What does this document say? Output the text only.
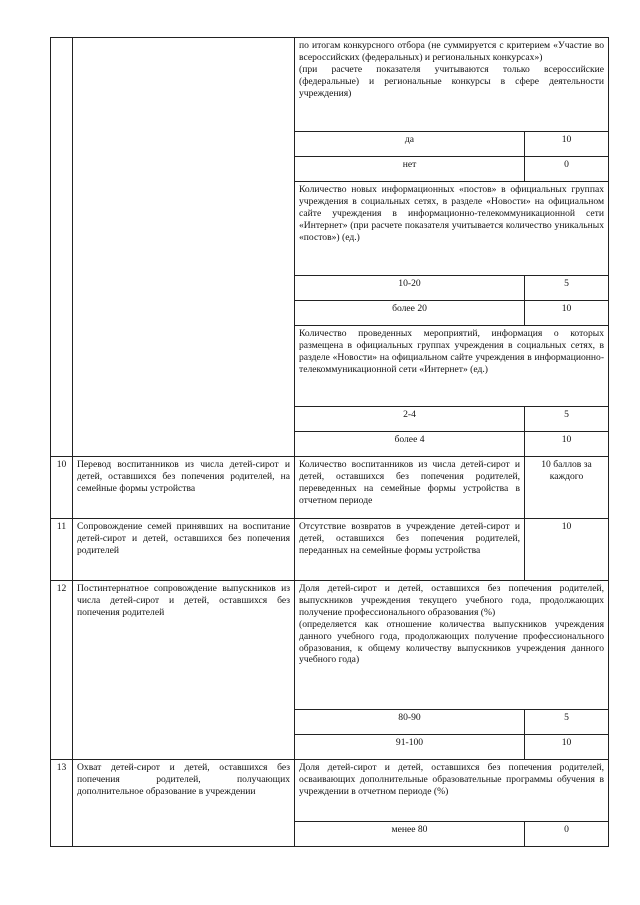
		по итогам конкурсного отбора (не суммируется с критерием «Участие во всероссийских (федеральных) и региональных конкурсах»)
(при расчете показателя учитываются только всероссийские (федеральные) и региональные конкурсы в сфере деятельности учреждения)	

		да	10
		нет	0
		Количество новых информационных «постов» в официальных группах учреждения в социальных сетях, в разделе «Новости» на официальном сайте учреждения в информационно-телекоммуникационной сети «Интернет» (при расчете показателя учитывается количество уникальных «постов») (ед.)	
		10-20	5
		более 20	10
		Количество проведенных мероприятий, информация о которых размещена в официальных группах учреждения в социальных сетях, в разделе «Новости» на официальном сайте учреждения в информационно-телекоммуникационной сети «Интернет» (ед.)	
		2-4	5
		более 4	10
10	Перевод воспитанников из числа детей-сирот и детей, оставшихся без попечения родителей, на семейные формы устройства	Количество воспитанников из числа детей-сирот и детей, оставшихся без попечения родителей, переведенных на семейные формы устройства в отчетном периоде	10 баллов за каждого
11	Сопровождение семей принявших на воспитание детей-сирот и детей, оставшихся без попечения родителей	Отсутствие возвратов в учреждение детей-сирот и детей, оставшихся без попечения родителей, переданных на семейные формы устройства	10
12	Постинтернатное сопровождение выпускников из числа детей-сирот и детей, оставшихся без попечения родителей	Доля детей-сирот и детей, оставшихся без попечения родителей, выпускников учреждения текущего учебного года, продолжающих получение профессионального образования (%)
(определяется как отношение количества выпускников учреждения данного учебного года, продолжающих получение профессионального образования, к общему количеству выпускников учреждения данного учебного года)	

		80-90	5
		91-100	10
13	Охват детей-сирот и детей, оставшихся без попечения родителей, получающих дополнительное образование в учреждении	Доля детей-сирот и детей, оставшихся без попечения родителей, осваивающих дополнительные образовательные программы обучения в учреждении в отчетном периоде (%)	
		менее 80	0
